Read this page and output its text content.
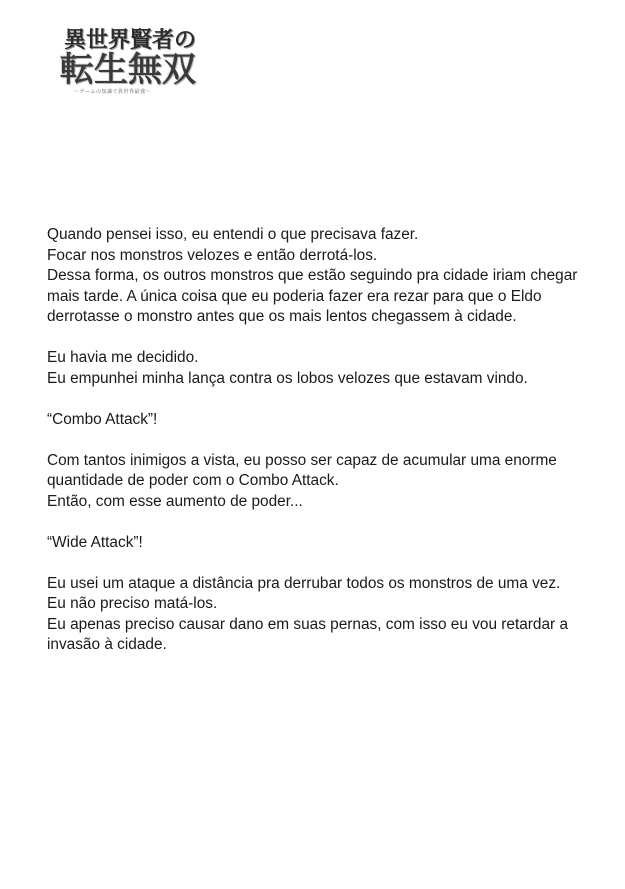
異世界賢者の
転生無双
〜ゲームの知識で異世界最強〜

Quando pensei isso, eu entendi o que precisava fazer.
Focar nos monstros velozes e então derrotá-los.
Dessa forma, os outros monstros que estão seguindo pra cidade iriam chegar mais tarde. A única coisa que eu poderia fazer era rezar para que o Eldo derrotasse o monstro antes que os mais lentos chegassem à cidade.

Eu havia me decidido.
Eu empunhei minha lança contra os lobos velozes que estavam vindo.

“Combo Attack”!

Com tantos inimigos a vista, eu posso ser capaz de acumular uma enorme quantidade de poder com o Combo Attack.
Então, com esse aumento de poder...

“Wide Attack”!

Eu usei um ataque a distância pra derrubar todos os monstros de uma vez.
Eu não preciso matá-los.
Eu apenas preciso causar dano em suas pernas, com isso eu vou retardar a invasão à cidade.
